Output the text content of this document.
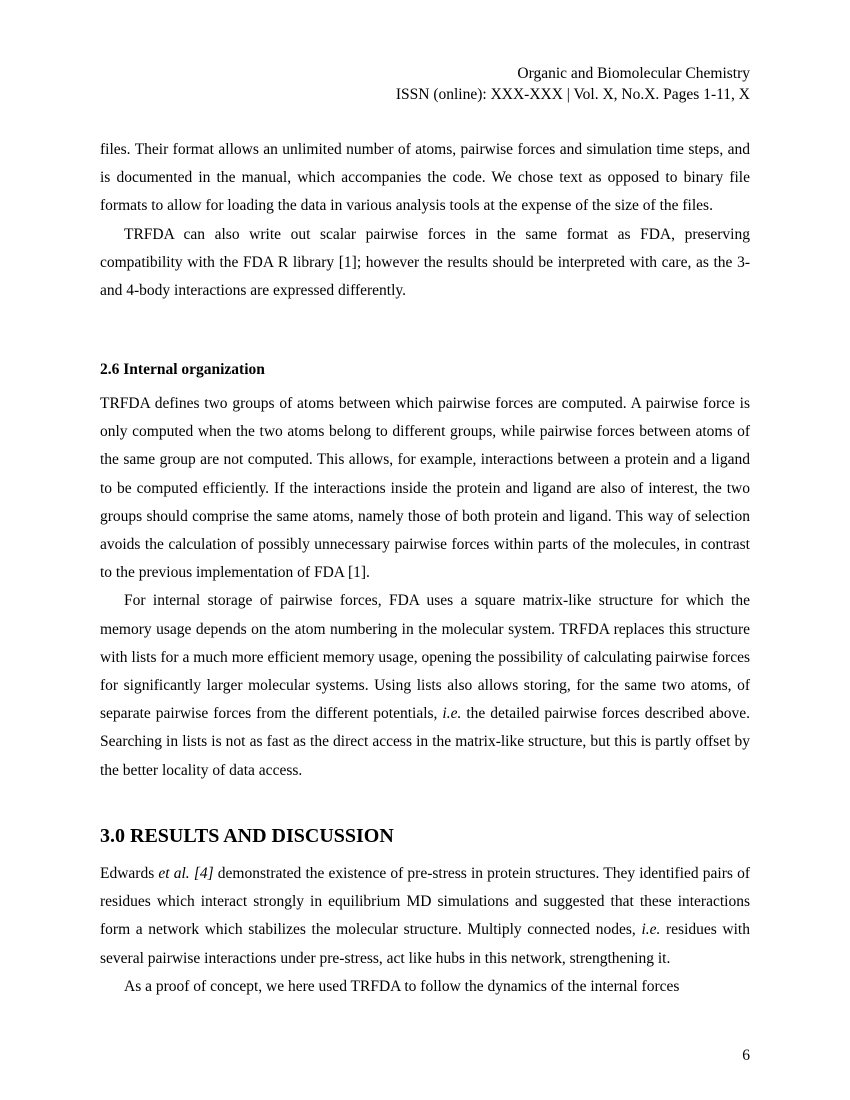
Organic and Biomolecular Chemistry
ISSN (online): XXX-XXX | Vol. X, No.X. Pages 1-11, X

files. Their format allows an unlimited number of atoms, pairwise forces and simulation time steps, and is documented in the manual, which accompanies the code. We chose text as opposed to binary file formats to allow for loading the data in various analysis tools at the expense of the size of the files.

TRFDA can also write out scalar pairwise forces in the same format as FDA, preserving compatibility with the FDA R library [1]; however the results should be interpreted with care, as the 3- and 4-body interactions are expressed differently.

2.6 Internal organization

TRFDA defines two groups of atoms between which pairwise forces are computed. A pairwise force is only computed when the two atoms belong to different groups, while pairwise forces between atoms of the same group are not computed. This allows, for example, interactions between a protein and a ligand to be computed efficiently. If the interactions inside the protein and ligand are also of interest, the two groups should comprise the same atoms, namely those of both protein and ligand. This way of selection avoids the calculation of possibly unnecessary pairwise forces within parts of the molecules, in contrast to the previous implementation of FDA [1].

For internal storage of pairwise forces, FDA uses a square matrix-like structure for which the memory usage depends on the atom numbering in the molecular system. TRFDA replaces this structure with lists for a much more efficient memory usage, opening the possibility of calculating pairwise forces for significantly larger molecular systems. Using lists also allows storing, for the same two atoms, of separate pairwise forces from the different potentials, i.e. the detailed pairwise forces described above. Searching in lists is not as fast as the direct access in the matrix-like structure, but this is partly offset by the better locality of data access.

3.0 RESULTS AND DISCUSSION

Edwards et al. [4] demonstrated the existence of pre-stress in protein structures. They identified pairs of residues which interact strongly in equilibrium MD simulations and suggested that these interactions form a network which stabilizes the molecular structure. Multiply connected nodes, i.e. residues with several pairwise interactions under pre-stress, act like hubs in this network, strengthening it.

As a proof of concept, we here used TRFDA to follow the dynamics of the internal forces

6
